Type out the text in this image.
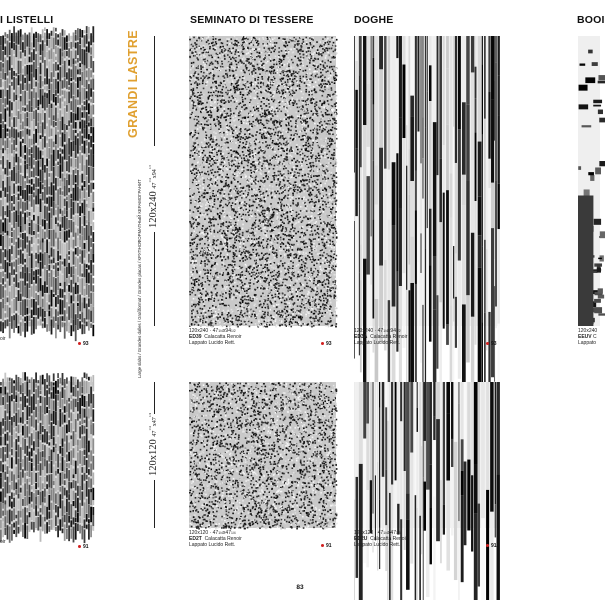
I LISTELLI	SEMINATO DI TESSERE	DOGHE	BOOI
GRANDI LASTRE
Large slabs / Grandes dalles / Großformat / Grandes placas / КРУПНОФОРМАТНЫЙ КЕРАМОГРАНИТ 120x240 $47^{1/4}x94^{1/2}$
120x120 $47^{1/4}x47^{1/4}$

oir
93

oir
91
$120x240 \cdot 47^{1/4}x94^{1/2}$
ED39 Calacatta Renoir
Lappato Lucido Rett.	93
$120x240 \cdot 47^{1/4}x94^{1/2}$
ED3A Calacatta Renoir
Lappato Lucido Rett.	93
120x240
EEUV C
Lappato
$120x120 \cdot 47^{1/4}x47^{1/4}$
ED2T Calacatta Renoir
Lappato Lucido Rett.	91
$120x120 \cdot 47^{1/4}x47^{1/4}$
ED2U Calacatta Renoir
Lappato Lucido Rett.	91
83
